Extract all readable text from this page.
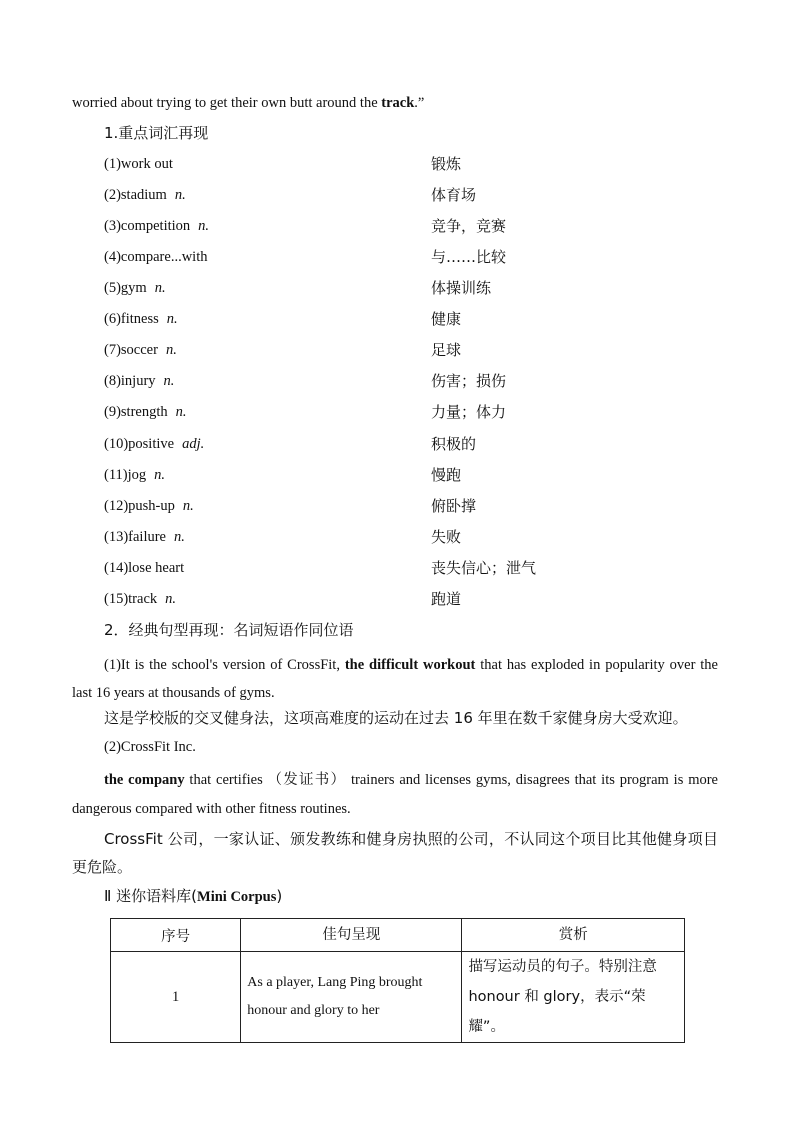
worried about trying to get their own butt around the track.”
1.重点词汇再现
(1)work out	锻炼
(2)stadium n.	体育场
(3)competition n.	竞争，竞赛
(4)compare...with	与……比较
(5)gym n.	体操训练
(6)fitness n.	健康
(7)soccer n.	足球
(8)injury n.	伤害；损伤
(9)strength n.	力量；体力
(10)positive adj.	积极的
(11)jog n.	慢跑
(12)push-up n.	俯卧撑
(13)failure n.	失败
(14)lose heart	丧失信心；泄气
(15)track n.	跑道
2．经典句型再现：名词短语作同位语
(1)It is the school's version of CrossFit, the difficult workout that has exploded in popularity over the last 16 years at thousands of gyms.
这是学校版的交叉健身法，这项高难度的运动在过去 16 年里在数千家健身房大受欢迎。
(2)CrossFit Inc.
the company that certifies （发证书） trainers and licenses gyms, disagrees that its program is more dangerous compared with other fitness routines.
CrossFit 公司，一家认证、颁发教练和健身房执照的公司，不认同这个项目比其他健身项目更危险。
Ⅱ 迷你语料库(Mini Corpus)
序号	佳句呈现	赏析
1	As a player, Lang Ping brought honour and glory to her	描写运动员的句子。特别注意 honour 和 glory，表示“荣耀”。
